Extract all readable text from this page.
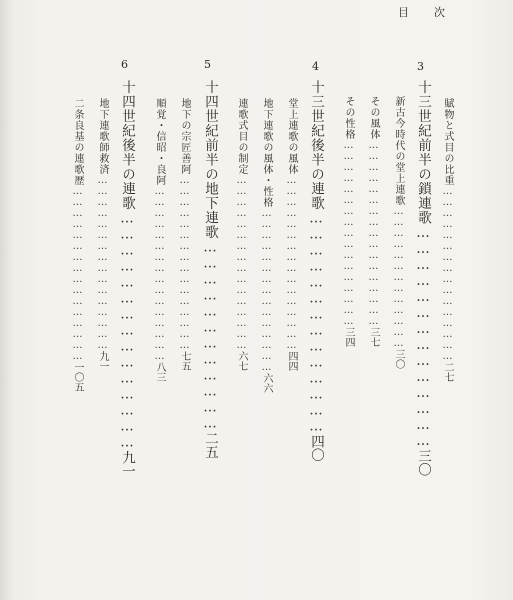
目 次
賦物と式目の比重…………………………………………二七
3
十三世紀前半の鎖連歌……………………………………三〇
新古今時代の堂上連歌…………………………………三〇
その風体……………………………………………三七
その性格……………………………………………三四
4
十三世紀後半の連歌……………………………………四〇
堂上連歌の風体…………………………………………四四
地下連歌の風体・性格………………………………………六六
連歌式目の制定…………………………………………六七
5
十四世紀前半の地下連歌………………………………二五
地下の宗匠善阿…………………………………………七五
順覚・信昭・良阿…………………………………………八三
6
十四世紀後半の連歌………………………………………九一
地下連歌師救済…………………………………………九一
二条良基の連歌歴…………………………………………一〇五
